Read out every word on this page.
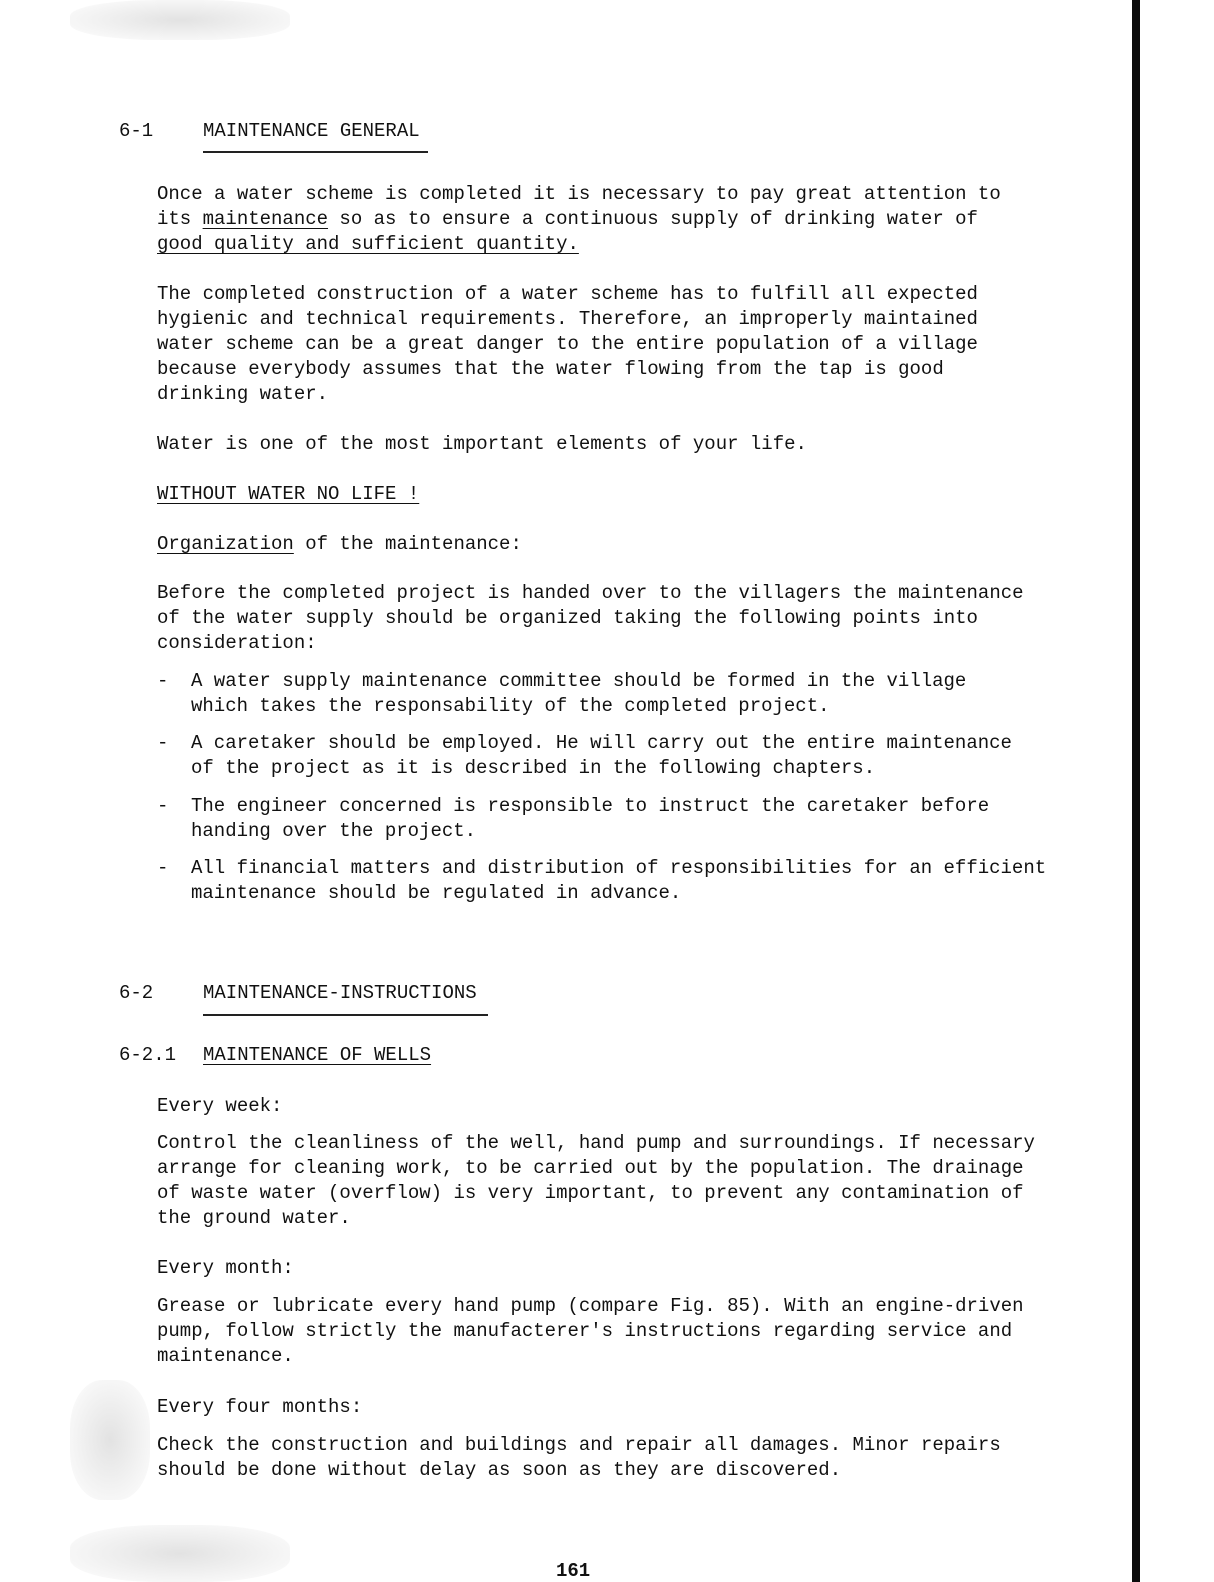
6-1	MAINTENANCE GENERAL
Once a water scheme is completed it is necessary to pay great attention to
its maintenance so as to ensure a continuous supply of drinking water of
good quality and sufficient quantity.
The completed construction of a water scheme has to fulfill all expected
hygienic and technical requirements. Therefore, an improperly maintained
water scheme can be a great danger to the entire population of a village
because everybody assumes that the water flowing from the tap is good
drinking water.
Water is one of the most important elements of your life.
WITHOUT WATER NO LIFE !
Organization of the maintenance:
Before the completed project is handed over to the villagers the maintenance
of the water supply should be organized taking the following points into
consideration:
- A water supply maintenance committee should be formed in the village
which takes the responsability of the completed project.
- A caretaker should be employed. He will carry out the entire maintenance
of the project as it is described in the following chapters.
- The engineer concerned is responsible to instruct the caretaker before
handing over the project.
- All financial matters and distribution of responsibilities for an efficient
maintenance should be regulated in advance.
6-2	MAINTENANCE-INSTRUCTIONS
6-2.1 MAINTENANCE OF WELLS
Every week:
Control the cleanliness of the well, hand pump and surroundings. If necessary
arrange for cleaning work, to be carried out by the population. The drainage
of waste water (overflow) is very important, to prevent any contamination of
the ground water.
Every month:
Grease or lubricate every hand pump (compare Fig. 85). With an engine-driven
pump, follow strictly the manufacterer's instructions regarding service and
maintenance.
Every four months:
Check the construction and buildings and repair all damages. Minor repairs
should be done without delay as soon as they are discovered.
161
